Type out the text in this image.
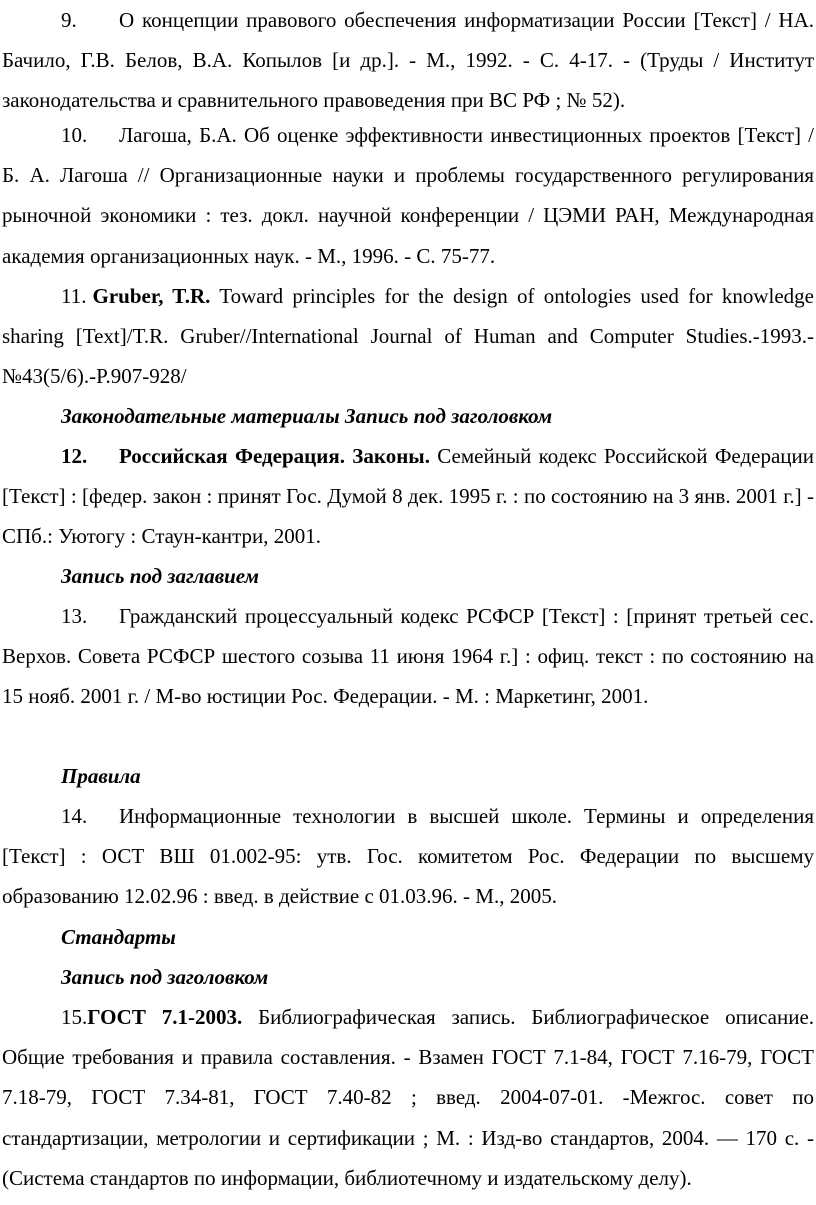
9. О концепции правового обеспечения информатизации России [Текст] / НА. Бачило, Г.В. Белов, В.А. Копылов [и др.]. - М., 1992. - С. 4-17. - (Труды / Институт законодательства и сравнительного правоведения при ВС РФ ; № 52).

10. Лагоша, Б.А. Об оценке эффективности инвестиционных проектов [Текст] / Б. А. Лагоша // Организационные науки и проблемы государственного регулирования рыночной экономики : тез. докл. научной конференции / ЦЭМИ РАН, Международная академия организационных наук. - М., 1996. - С. 75-77.

11. Gruber, T.R. Toward principles for the design of ontologies used for knowledge sharing [Text]/T.R. Gruber//International Journal of Human and Computer Studies.-1993.-№43(5/6).-P.907-928/

Законодательные материалы Запись под заголовком

12. Российская Федерация. Законы. Семейный кодекс Российской Федерации [Текст] : [федер. закон : принят Гос. Думой 8 дек. 1995 г. : по состоянию на 3 янв. 2001 г.] - СПб.: Уютогу : Стаун-кантри, 2001.

Запись под заглавием

13. Гражданский процессуальный кодекс РСФСР [Текст] : [принят третьей сес. Верхов. Совета РСФСР шестого созыва 11 июня 1964 г.] : офиц. текст : по состоянию на 15 нояб. 2001 г. / М-во юстиции Рос. Федерации. - М. : Маркетинг, 2001.

Правила

14. Информационные технологии в высшей школе. Термины и определения [Текст] : ОСТ ВШ 01.002-95: утв. Гос. комитетом Рос. Федерации по высшему образованию 12.02.96 : введ. в действие с 01.03.96. - М., 2005.

Стандарты

Запись под заголовком

15.ГОСТ 7.1-2003. Библиографическая запись. Библиографическое описание. Общие требования и правила составления. - Взамен ГОСТ 7.1-84, ГОСТ 7.16-79, ГОСТ 7.18-79, ГОСТ 7.34-81, ГОСТ 7.40-82 ; введ. 2004-07-01. -Межгос. совет по стандартизации, метрологии и сертификации ; М. : Изд-во стандартов, 2004. — 170 с. - (Система стандартов по информации, библиотечному и издательскому делу).
